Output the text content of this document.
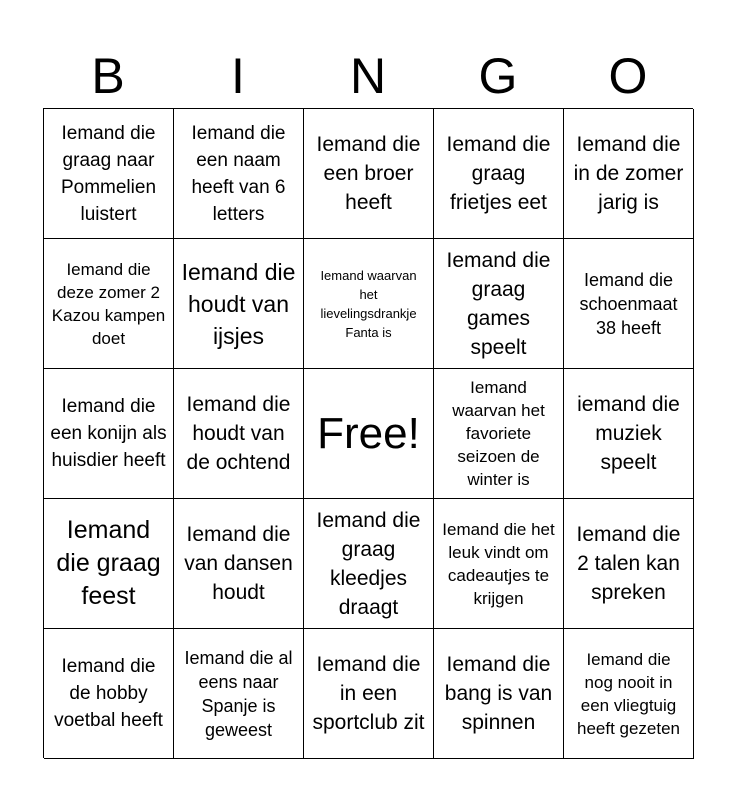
B	I	N	G	O
Iemand die graag naar Pommelien luistert
Iemand die een naam heeft van 6 letters
Iemand die een broer heeft
Iemand die graag frietjes eet
Iemand die in de zomer jarig is
Iemand die deze zomer 2 Kazou kampen doet
Iemand die houdt van ijsjes
Iemand waarvan het lievelingsdrankje Fanta is
Iemand die graag games speelt
Iemand die schoenmaat 38 heeft
Iemand die een konijn als huisdier heeft
Iemand die houdt van de ochtend
Free!
Iemand waarvan het favoriete seizoen de winter is
iemand die muziek speelt
Iemand die graag feest
Iemand die van dansen houdt
Iemand die graag kleedjes draagt
Iemand die het leuk vindt om cadeautjes te krijgen
Iemand die 2 talen kan spreken
Iemand die de hobby voetbal heeft
Iemand die al eens naar Spanje is geweest
Iemand die in een sportclub zit
Iemand die bang is van spinnen
Iemand die nog nooit in een vliegtuig heeft gezeten
